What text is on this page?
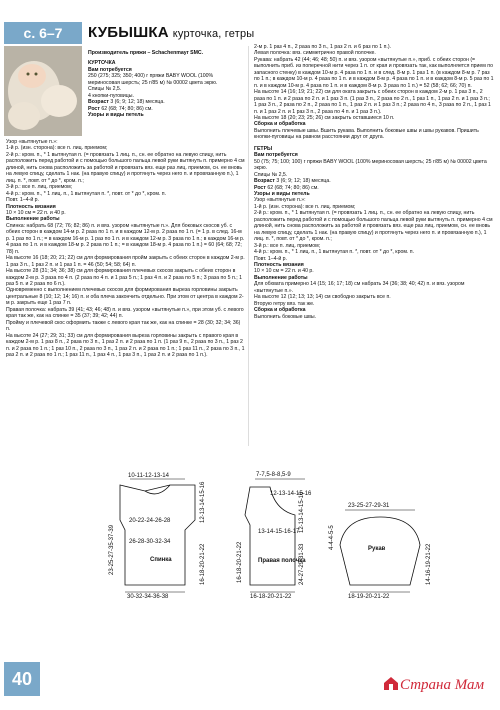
с. 6–7	КУБЫШКА курточка, гетры

Производитель пряжи – Schachenmayr SMC.

КУРТОЧКА

Вам потребуется

250 (275; 325; 350; 400) г пряжи BABY WOOL (100% мериносовая шерсть; 25 г/85 м) № 00002 цвета экрю.

Спицы № 2,5.

4 кнопки-пуговицы.

Возраст 3 (6; 9; 12; 18) месяца.

Рост 62 (68; 74; 80; 86) см.

Узоры и виды петель

Узор «вытянутые п.»:

1-й р. (изн. сторона): все п. лиц. приемом;

2-й р.: кром. п., * 1 вытянутая п. (= провязать 1 лиц. п., сн. ее обратно на левую спицу, нить расположить перед работой и с помощью большого пальца левой руки вытянуть п. примерно 4 см длиной, нить снова расположить за работой и провязать вяз. еще раз лиц. приемом, сн. ее вновь на левую спицу, сделать 1 нак. (на правую спицу) и протянуть через него п. и провязанную п.), 1 лиц. п. *, повт. от * до *, кром. п.;

3-й р.: все п. лиц. приемом;

4-й р.: кром. п., * 1 лиц. п., 1 вытянутая п. *, повт. от * до *, кром. п.

Повт. 1–4-й р.

Плотность вязания

10 × 10 см = 22 п. и 40 р.

Выполнение работы

Спинка: набрать 68 (72; 76; 82; 86) п. и вяз. узором «вытянутые п.». Для боковых скосов уб. с обеих сторон в каждом 14-м р. 2 раза по 1 п. и в каждом 12-м р. 2 раза по 1 п. (= 1 р. в след. 16-м р. 1 раз по 1 п.; = в каждом 16-м р. 1 раз по 1 п. и в каждом 12-м р. 3 раза по 1 п.; в каждом 16-м р. 4 раза по 1 п. и в каждом 18-м р. 2 раза по 1 п.; = в каждом 18-м р. 4 раза по 1 п.) = 60 (64; 68; 72; 78) п.

На высоте 16 (18; 20; 21; 22) см для формирования пройм закрыть с обеих сторон в каждом 2-м р. 1 раз 3 п., 1 раз 2 п. и 1 раз 1 п. = 46 (50; 54; 58; 64) п.

На высоте 28 (31; 34; 36; 38) см для формирования плечевых скосов закрыть с обеих сторон в каждом 2-м р. 3 раза по 4 п. (2 раза по 4 п. и 1 раз 5 п.; 1 раз 4 п. и 2 раза по 5 п.; 3 раза по 5 п.; 1 раз 5 п. и 2 раза по 6 п.).

Одновременно с выполнением плечевых скосов для формирования выреза горловины закрыть центральные 8 (10; 12; 14; 16) п. и оба плеча закончить отдельно. При этом от центра в каждом 2-м р. закрыть еще 1 раз 7 п.

Правая полочка: набрать 39 (41; 43; 46; 48) п. и вяз. узором «вытянутые п.», при этом уб. с левого края так же, как на спинке = 35 (37; 39; 42; 44) п.

Пройму и плечевой скос оформить также с левого края так же, как на спинке = 28 (30; 32; 34; 36) п.

На высоте 24 (27; 29; 31; 33) см для формирования выреза горловины закрыть с правого края в каждом 2-м р. 1 раз 8 п., 2 раза по 3 п., 1 раз 2 п. и 2 раза по 1 п. (1 раз 9 п., 2 раза по 3 п., 1 раз 2 п. и 2 раза по 1 п.; 1 раз 10 п., 2 раза по 3 п., 1 раз 2 п. и 2 раза по 1 п.; 1 раз 11 п., 2 раза по 3 п., 1 раз 2 п. и 2 раза по 1 п.; 1 раз 11 п., 1 раз 4 п., 1 раз 3 п., 1 раз 2 п. и 2 раза по 1 п.).

2-м р. 1 раз 4 п., 2 раза по 3 п., 1 раз 2 п. и 6 раз по 1 п.).

Левая полочка: вяз. симметрично правой полочке.

Рукава: набрать 42 (44; 46; 48; 50) п. и вяз. узором «вытянутые п.», приб. с обеих сторон (= выполнить приб. из поперечной нити через 1 п. от края и провязать так, как выполняется прием по запасного стенку) в каждом 10-м р. 4 раза по 1 п. и в след. 8-м р. 1 раз 1 п. (в каждом 8-м р. 7 раз по 1 п.; в каждом 10-м р. 4 раза по 1 п. и в каждом 8-м р. 4 раза по 1 п. и в каждом 8-м р. 5 раз по 1 п. и в каждом 10-м р. 4 раза по 1 п. и в каждом 8-м р. 3 раза по 1 п.) = 52 (58; 62; 66; 70) п.

На высоте 14 (16; 19; 21; 22) см для оката закрыть с обеих сторон в каждом 2-м р. 1 раз 3 п., 2 раза по 1 п. и 2 раза по 2 п. и 1 раз 3 п. (1 раз 3 п., 2 раза по 2 п., 1 раз 1 п., 1 раз 2 п. и 1 раз 3 п.; 1 раз 3 п., 2 раза по 2 п., 2 раза по 1 п., 1 раз 2 п. и 1 раз 3 п.; 2 раза по 4 п., 3 раза по 2 п., 1 раз 1 п. и 1 раз 2 п. и 1 раз 3 п., 2 раза по 4 п. и 1 раз 3 п.).

На высоте 18 (20; 23; 25; 26) см закрыть оставшиеся 10 п.

Сборка и обработка

Выполнить плечевые швы. Вшить рукава. Выполнить боковые швы и швы рукавов. Пришить кнопки-пуговицы на равном расстоянии друг от друга.

ГЕТРЫ

Вам потребуется

50 (75; 75; 100; 100) г пряжи BABY WOOL (100% мериносовая шерсть; 25 г/85 м) № 00002 цвета экрю.

Спицы № 2,5.

Возраст 3 (6; 9; 12; 18) месяца.

Рост 62 (68; 74; 80; 86) см.

Узоры и виды петель

Узор «вытянутые п.»:

1-й р. (изн. сторона): все п. лиц. приемом;

2-й р.: кром. п., * 1 вытянутая п. (= провязать 1 лиц. п., сн. ее обратно на левую спицу, нить расположить перед работой и с помощью большого пальца левой руки вытянуть п. примерно 4 см длиной, нить снова расположить за работой и провязать вяз. еще раз лиц. приемом, сн. ее вновь на левую спицу, сделать 1 нак. (на правую спицу) и протянуть через него п. и провязанную п.), 1 лиц. п. *, повт. от * до *, кром. п.;

3-й р.: все п. лиц. приемом;

4-й р.: кром. п., * 1 лиц. п., 1 вытянутая п. *, повт. от * до *, кром. п.

Повт. 1–4-й р.

Плотность вязания

10 × 10 см = 22 п. и 40 р.

Выполнение работы

Для обхвата примерно 14 (15; 16; 17; 18) см набрать 34 (36; 38; 40; 42) п. и вяз. узором «вытянутые п.».

На высоте 12 (12; 13; 13; 14) см свободно закрыть все п.

Вторую гетру вяз. так же.

Сборка и обработка

Выполнить боковые швы.

10-11-12-13-14
20-22-24-26-28
26-28-30-32-34
Спинка
30-32-34-36-38
23-25-27-35-37-39
12-13-14-15-16
16-18-20-21-22
7-7,5-8-8,5-9
12-13-14-15-16
13-14-15-16-17
Правая полочка
16-18-20-21-22
16-18-20-21-22
12-13-14-15-16
24-27-29-31-33
23-25-27-29-31
Рукав
18-19-20-21-22
4-4-4-5-5
14-16-19-21-22
40	Страна Мам
